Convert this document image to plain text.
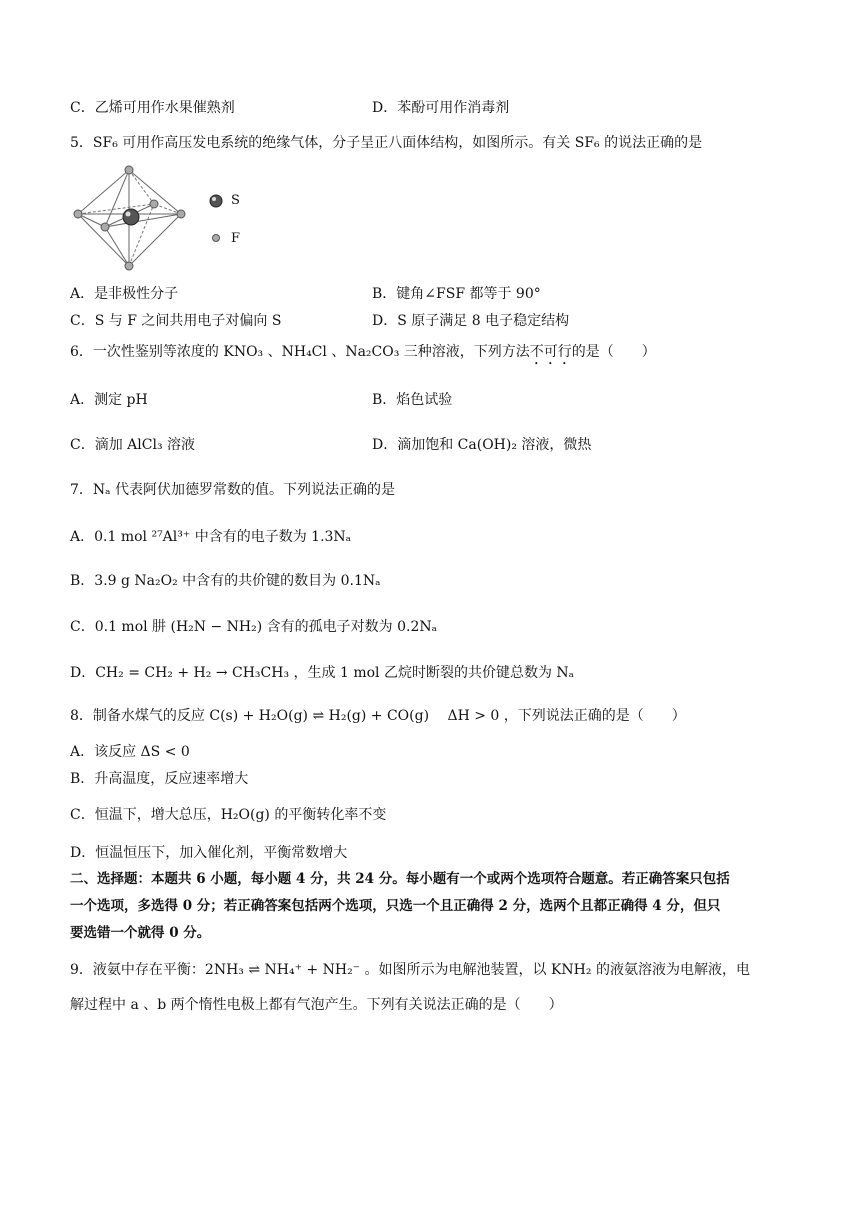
C．乙烯可用作水果催熟剂	D．苯酚可用作消毒剂
5．SF₆ 可用作高压发电系统的绝缘气体，分子呈正八面体结构，如图所示。有关 SF₆ 的说法正确的是
S
F
A．是非极性分子	B．键角∠FSF 都等于 90°
C．S 与 F 之间共用电子对偏向 S	D．S 原子满足 8 电子稳定结构
6．一次性鉴别等浓度的 KNO₃ 、NH₄Cl 、Na₂CO₃ 三种溶液，下列方法不可行的是（　　）
A．测定 pH	B．焰色试验
C．滴加 AlCl₃ 溶液	D．滴加饱和 Ca(OH)₂ 溶液，微热
7．Nₐ 代表阿伏加德罗常数的值。下列说法正确的是
A．0.1 mol ²⁷Al³⁺ 中含有的电子数为 1.3Nₐ
B．3.9 g Na₂O₂ 中含有的共价键的数目为 0.1Nₐ
C．0.1 mol 肼 (H₂N − NH₂) 含有的孤电子对数为 0.2Nₐ
D．CH₂ = CH₂ + H₂ → CH₃CH₃ ，生成 1 mol 乙烷时断裂的共价键总数为 Nₐ
8．制备水煤气的反应 C(s) + H₂O(g) ⇌ H₂(g) + CO(g)　 ΔH > 0 ，下列说法正确的是（　　）
A．该反应 ΔS < 0
B．升高温度，反应速率增大
C．恒温下，增大总压，H₂O(g) 的平衡转化率不变
D．恒温恒压下，加入催化剂，平衡常数增大
二、选择题：本题共 6 小题，每小题 4 分，共 24 分。每小题有一个或两个选项符合题意。若正确答案只包括
一个选项，多选得 0 分；若正确答案包括两个选项，只选一个且正确得 2 分，选两个且都正确得 4 分，但只
要选错一个就得 0 分。
9．液氨中存在平衡：2NH₃ ⇌ NH₄⁺ + NH₂⁻ 。如图所示为电解池装置，以 KNH₂ 的液氨溶液为电解液，电
解过程中 a 、b 两个惰性电极上都有气泡产生。下列有关说法正确的是（　　）
